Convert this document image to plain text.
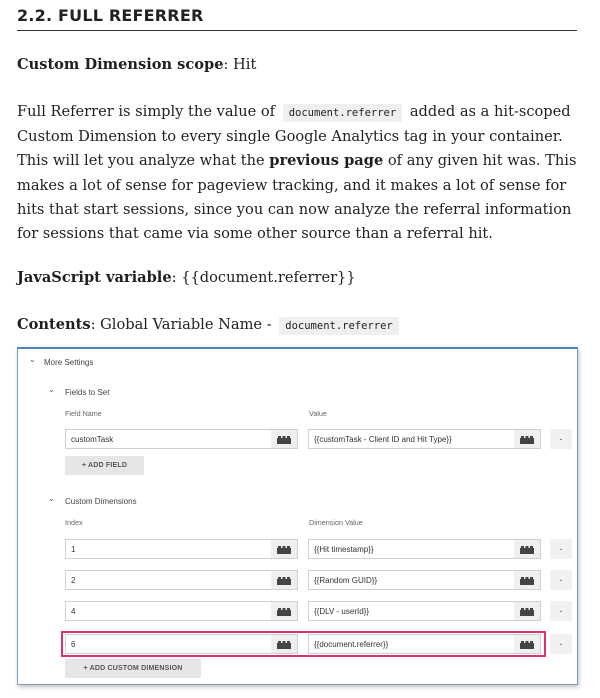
2.2. FULL REFERRER
Custom Dimension scope: Hit
Full Referrer is simply the value of document.referrer added as a hit-scoped Custom Dimension to every single Google Analytics tag in your container. This will let you analyze what the previous page of any given hit was. This makes a lot of sense for pageview tracking, and it makes a lot of sense for hits that start sessions, since you can now analyze the referral information for sessions that came via some other source than a referral hit.
JavaScript variable: {{document.referrer}}
Contents: Global Variable Name - document.referrer
⌄ More Settings
⌄ Fields to Set
Field Name	Value
customTask	{{customTask - Client ID and Hit Type}}	-
+ ADD FIELD
⌄ Custom Dimensions
Index	Dimension Value
1	{{Hit timestamp}}	-
2	{{Random GUID}}	-
4	{{DLV - userId}}	-
6	{{document.referrer}}	-
+ ADD CUSTOM DIMENSION
